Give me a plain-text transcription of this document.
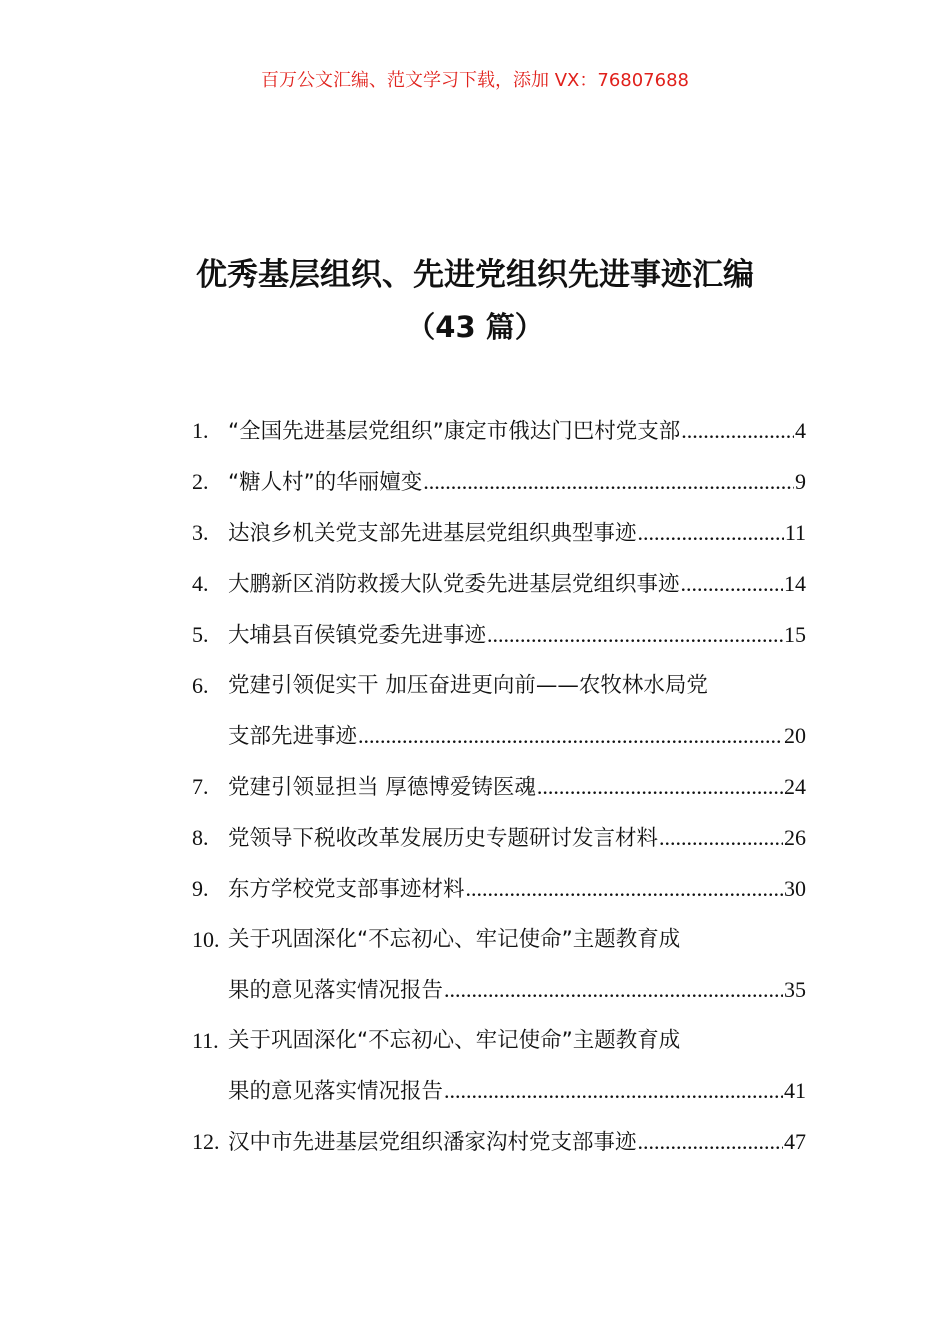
百万公文汇编、范文学习下载，添加 VX：76807688
优秀基层组织、先进党组织先进事迹汇编
（43 篇）
1. “全国先进基层党组织”康定市俄达门巴村党支部 .....	4
2. “糖人村”的华丽嬗变 .....	9
3. 达浪乡机关党支部先进基层党组织典型事迹 .....	11
4. 大鹏新区消防救援大队党委先进基层党组织事迹 .....	14
5. 大埔县百侯镇党委先进事迹 .....	15
6. 党建引领促实干 加压奋进更向前——农牧林水局党
支部先进事迹 .....	20
7. 党建引领显担当 厚德博爱铸医魂 .....	24
8. 党领导下税收改革发展历史专题研讨发言材料 .....	26
9. 东方学校党支部事迹材料 .....	30
10. 关于巩固深化“不忘初心、牢记使命”主题教育成
果的意见落实情况报告 .....	35
11. 关于巩固深化“不忘初心、牢记使命”主题教育成
果的意见落实情况报告 .....	41
12. 汉中市先进基层党组织潘家沟村党支部事迹 .....	47
